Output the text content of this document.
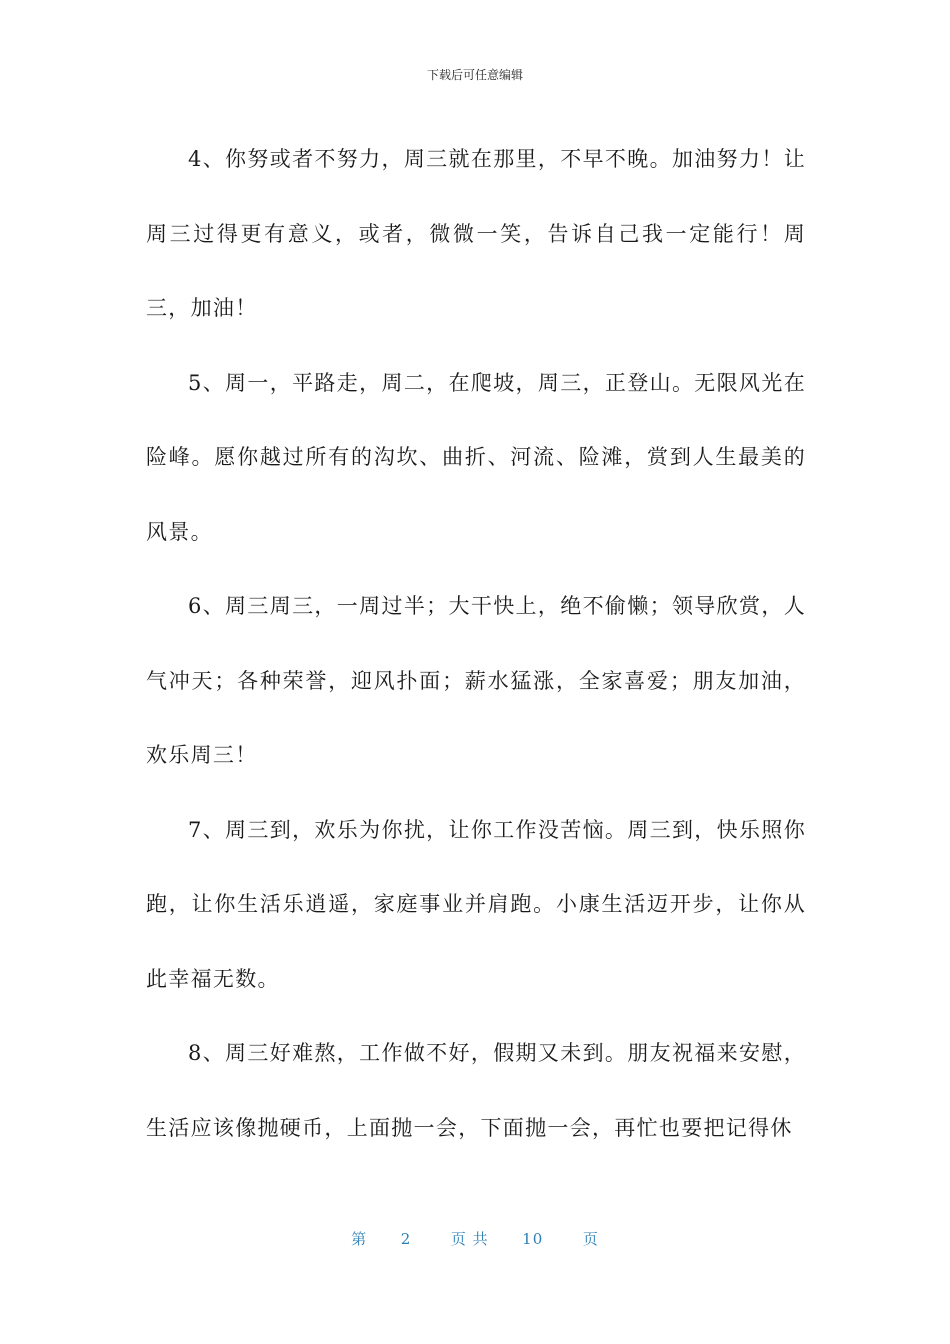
下载后可任意编辑

4、你努或者不努力，周三就在那里，不早不晚。加油努力！让周三过得更有意义，或者，微微一笑，告诉自己我一定能行！周三，加油！

5、周一，平路走，周二，在爬坡，周三，正登山。无限风光在险峰。愿你越过所有的沟坎、曲折、河流、险滩，赏到人生最美的风景。

6、周三周三，一周过半；大干快上，绝不偷懒；领导欣赏，人气冲天；各种荣誉，迎风扑面；薪水猛涨，全家喜爱；朋友加油，欢乐周三！

7、周三到，欢乐为你扰，让你工作没苦恼。周三到，快乐照你跑，让你生活乐逍遥，家庭事业并肩跑。小康生活迈开步，让你从此幸福无数。

8、周三好难熬，工作做不好，假期又未到。朋友祝福来安慰，生活应该像抛硬币，上面抛一会，下面抛一会，再忙也要把记得休

第 2	页 共 10	页
